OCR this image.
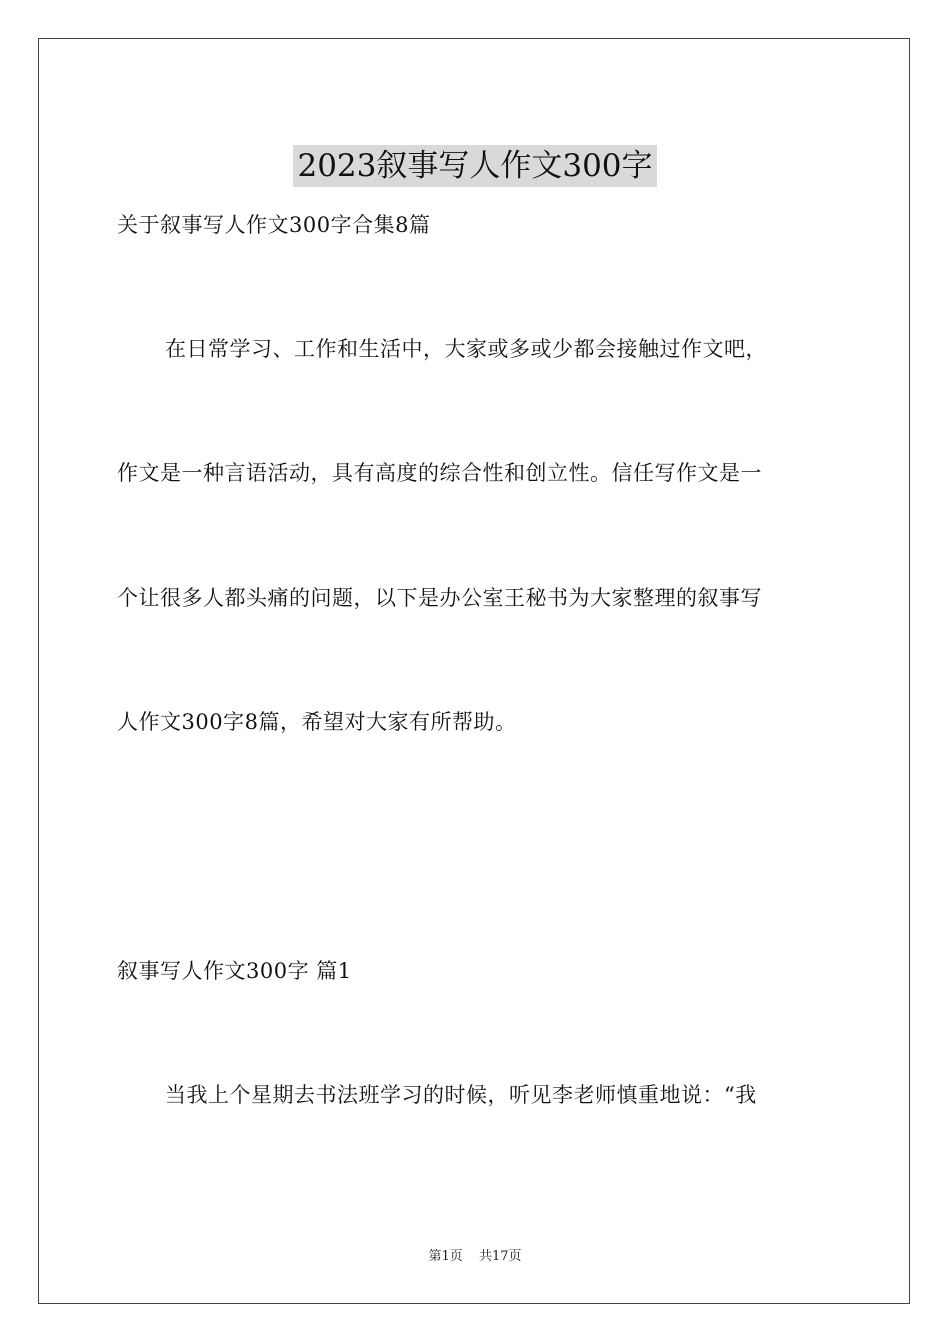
2023叙事写人作文300字
关于叙事写人作文300字合集8篇
在日常学习、工作和生活中，大家或多或少都会接触过作文吧，
作文是一种言语活动，具有高度的综合性和创立性。信任写作文是一
个让很多人都头痛的问题，以下是办公室王秘书为大家整理的叙事写
人作文300字8篇，希望对大家有所帮助。
叙事写人作文300字 篇1
当我上个星期去书法班学习的时候，听见李老师慎重地说：“我
第1页 共17页
